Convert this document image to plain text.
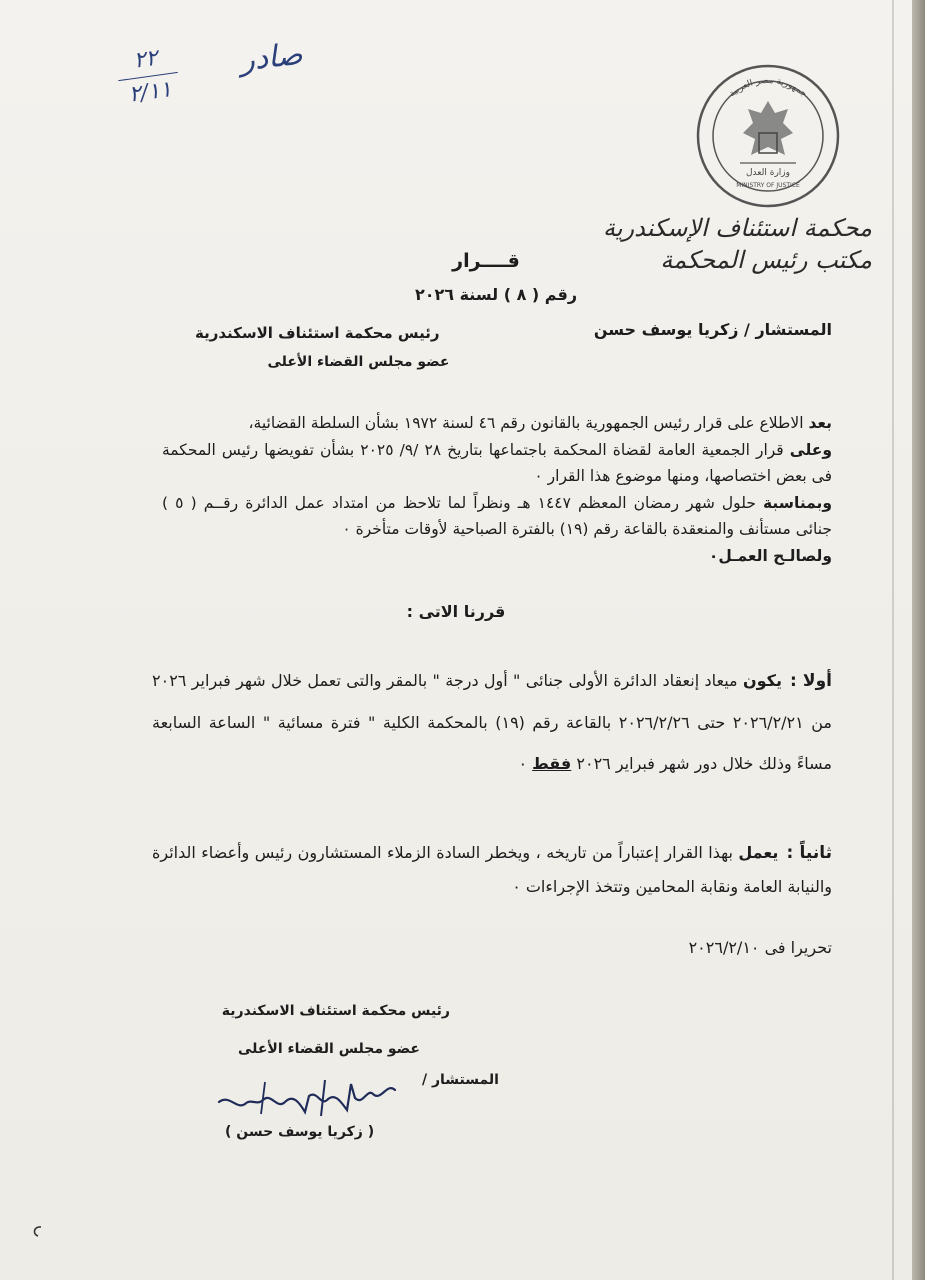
صادر
٢٢
٢/١١	جمهورية مصر العربية
وزارة العدل
MINISTRY OF JUSTICE
محكمة استئناف الإسكندرية
مكتب رئيس المحكمة
قــــرار
رقم ( ٨ ) لسنة ٢٠٢٦
المستشار / زكريا يوسف حسن
رئيس محكمة استئناف الاسكندرية
عضو مجلس القضاء الأعلى

بعد الاطلاع على قرار رئيس الجمهورية بالقانون رقم ٤٦ لسنة ١٩٧٢ بشأن السلطة القضائية،

وعلى قرار الجمعية العامة لقضاة المحكمة باجتماعها بتاريخ ٢٨ /٩/ ٢٠٢٥ بشأن تفويضها رئيس المحكمة فى بعض اختصاصها، ومنها موضوع هذا القرار ٠

وبمناسبة حلول شهر رمضان المعظم ١٤٤٧ هـ ونظراً لما تلاحظ من امتداد عمل الدائرة رقــم ( ٥ ) جنائى مستأنف والمنعقدة بالقاعة رقم (١٩) بالفترة الصباحية لأوقات متأخرة ٠

ولصالـح العمـل٠

قررنا الاتى :
أولا :يكون ميعاد إنعقاد الدائرة الأولى جنائى " أول درجة " بالمقر والتى تعمل خلال شهر فبراير ٢٠٢٦ من ٢٠٢٦/٢/٢١ حتى ٢٠٢٦/٢/٢٦ بالقاعة رقم (١٩) بالمحكمة الكلية " فترة مسائية " الساعة السابعة مساءً وذلك خلال دور شهر فبراير ٢٠٢٦ فقط ٠
ثانياً :يعمل بهذا القرار إعتباراً من تاريخه ، ويخطر السادة الزملاء المستشارون رئيس وأعضاء الدائرة والنيابة العامة ونقابة المحامين وتتخذ الإجراءات ٠
تحريرا فى ٢٠٢٦/٢/١٠
رئيس محكمة استئناف الاسكندرية
عضو مجلس القضاء الأعلى
المستشار /
( زكريا يوسف حسن )
